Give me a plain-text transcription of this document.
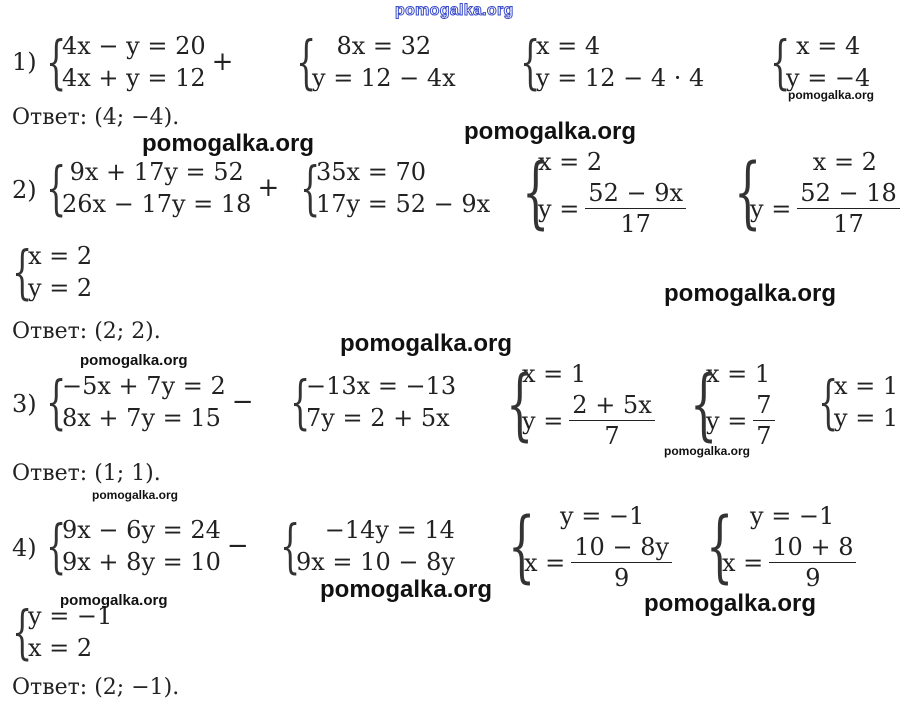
pomogalka.org
1) {
4x − y = 20
4x + y = 12
+ { 8x = 32
y = 12 − 4x {
x = 4
y = 12 − 4 · 4 { x = 4
y = −4
pomogalka.org
Ответ: (4; −4).
pomogalka.org
pomogalka.org
2) { 9x + 17y = 52
26x − 17y = 18
+ {
35x = 70
17y = 52 − 9x {
x = 2
$y = \frac{52 - 9x}{17}$ {	x = 2
$y = \frac{52 - 18}{17}$
{
x = 2
y = 2	pomogalka.org
Ответ: (2; 2).	pomogalka.org
pomogalka.org
3) {
−5x + 7y = 2
8x + 7y = 15
− {
−13x = −13
7y = 2 + 5x {
x = 1
$y = \frac{2 + 5x}{7}$ {
x = 1
$y = \frac{7}{7}$ {
x = 1
y = 1
pomogalka.org
Ответ: (1; 1).
pomogalka.org
4) {
9x − 6y = 24
9x + 8y = 10
− { −14y = 14
9x = 10 − 8y {	y = −1
$x = \frac{10 - 8y}{9}$ { y = −1
$x = \frac{10 + 8}{9}$
pomogalka.org
pomogalka.org
{
y = −1
x = 2
pomogalka.org
Ответ: (2; −1).
